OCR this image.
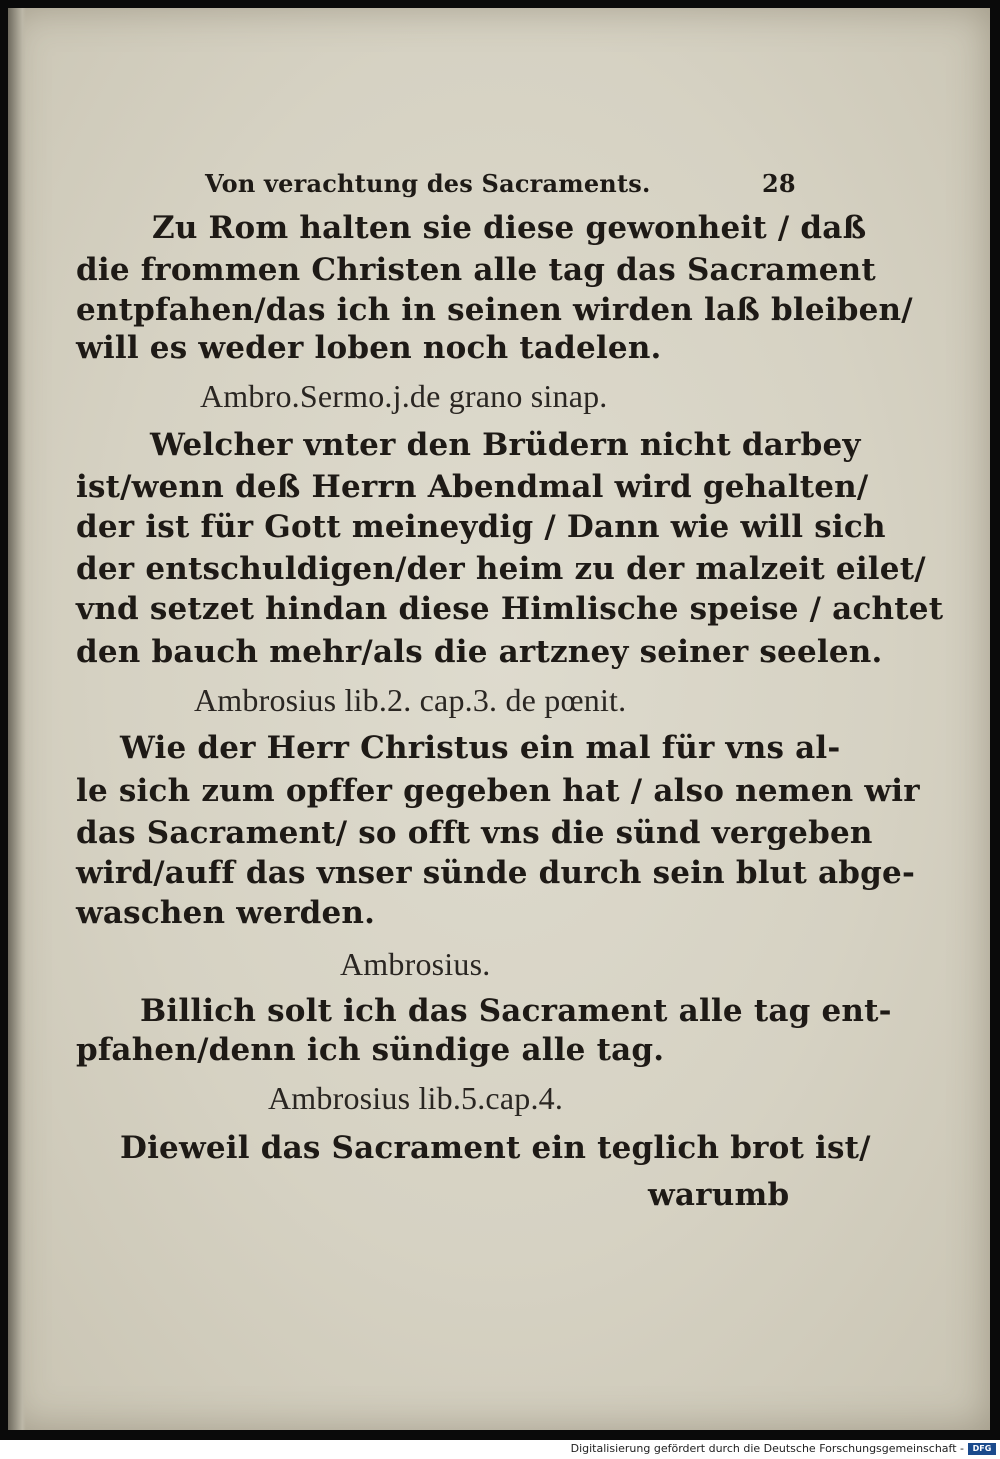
Von verachtung des Sacraments.	28
Zu Rom halten sie diese gewonheit / daß
die frommen Christen alle tag das Sacrament
entpfahen/das ich in seinen wirden laß bleiben/
will es weder loben noch tadelen.
Ambro.Sermo.j.de grano sinap.
Welcher vnter den Brüdern nicht darbey
ist/wenn deß Herrn Abendmal wird gehalten/
der ist für Gott meineydig / Dann wie will sich
der entschuldigen/der heim zu der malzeit eilet/
vnd setzet hindan diese Himlische speise / achtet
den bauch mehr/als die artzney seiner seelen.
Ambrosius lib.2. cap.3. de pœnit.
Wie der Herr Christus ein mal für vns al-
le sich zum opffer gegeben hat / also nemen wir
das Sacrament/ so offt vns die sünd vergeben
wird/auff das vnser sünde durch sein blut abge-
waschen werden.
Ambrosius.
Billich solt ich das Sacrament alle tag ent-
pfahen/denn ich sündige alle tag.
Ambrosius lib.5.cap.4.
Dieweil das Sacrament ein teglich brot ist/
warumb
Digitalisierung gefördert durch die Deutsche Forschungsgemeinschaft -	DFG
